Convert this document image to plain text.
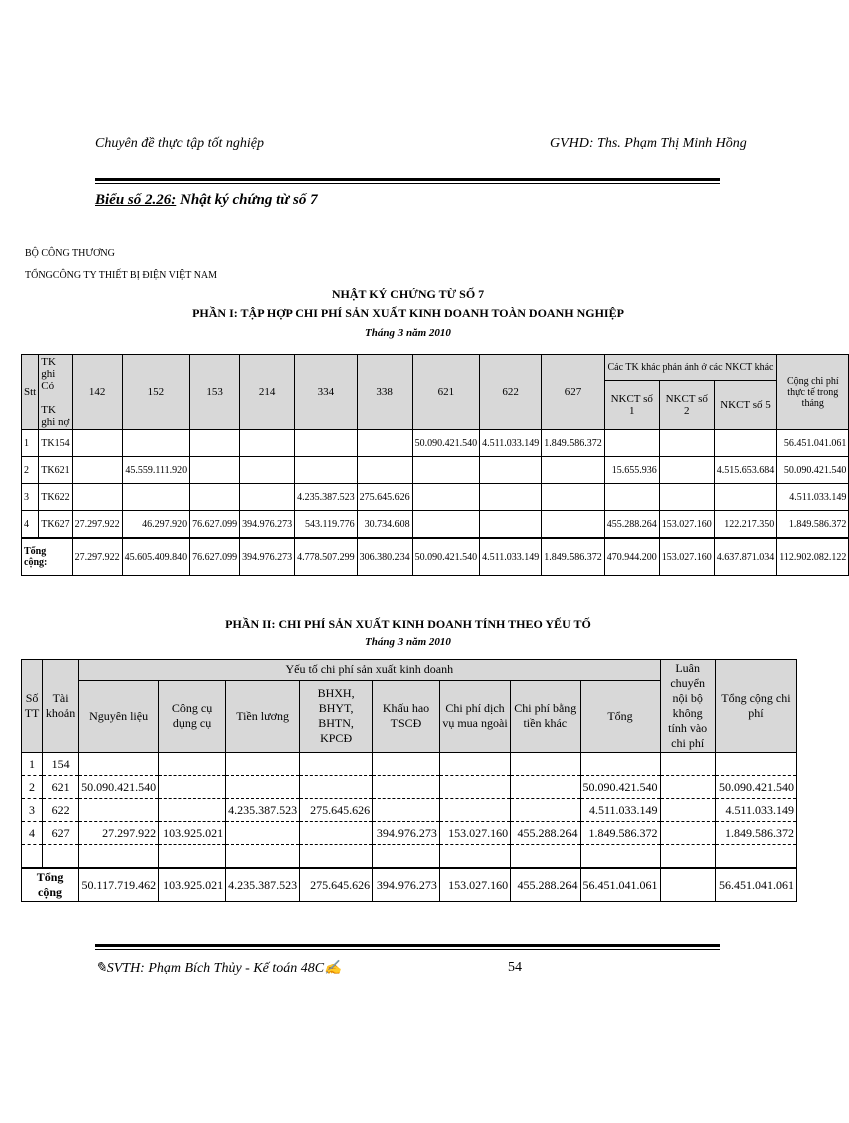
Chuyên đề thực tập tốt nghiệp	GVHD: Ths. Phạm Thị Minh Hồng
Biểu số 2.26: Nhật ký chứng từ số 7
BỘ CÔNG THƯƠNG
TỔNGCÔNG TY THIẾT BỊ ĐIỆN VIỆT NAM
NHẬT KÝ CHỨNG TỪ SỐ 7
PHẦN I: TẬP HỢP CHI PHÍ SẢN XUẤT KINH DOANH TOÀN DOANH NGHIỆP
Tháng 3 năm 2010
Stt	TK ghi Có
TK ghi nợ	142	152	153	214	334	338	621	622	627	Các TK khác phản ánh ở các NKCT khác			Cộng chi phí thực tế trong tháng
											NKCT số 1	NKCT số 2	NKCT số 5	
1	TK154							50.090.421.540	4.511.033.149	1.849.586.372				56.451.041.061
2	TK621		45.559.111.920								15.655.936		4.515.653.684	50.090.421.540
3	TK622					4.235.387.523	275.645.626							4.511.033.149
4	TK627	27.297.922	46.297.920	76.627.099	394.976.273	543.119.776	30.734.608				455.288.264	153.027.160	122.217.350	1.849.586.372
Tổng cộng:		27.297.922	45.605.409.840	76.627.099	394.976.273	4.778.507.299	306.380.234	50.090.421.540	4.511.033.149	1.849.586.372	470.944.200	153.027.160	4.637.871.034	112.902.082.122
PHẦN II: CHI PHÍ SẢN XUẤT KINH DOANH TÍNH THEO YẾU TỐ
Tháng 3 năm 2010
Số TT	Tài khoản	Yếu tố chi phí sản xuất kinh doanh								Luân chuyển nội bộ không tính vào chi phí	Tổng cộng chi phí
		Nguyên liệu	Công cụ dụng cụ	Tiền lương	BHXH, BHYT, BHTN, KPCĐ	Khấu hao TSCĐ	Chi phí dịch vụ mua ngoài	Chi phí bằng tiền khác	Tổng		
1	154										
2	621	50.090.421.540							50.090.421.540		50.090.421.540
3	622			4.235.387.523	275.645.626				4.511.033.149		4.511.033.149
4	627	27.297.922	103.925.021			394.976.273	153.027.160	455.288.264	1.849.586.372		1.849.586.372

Tổng cộng		50.117.719.462	103.925.021	4.235.387.523	275.645.626	394.976.273	153.027.160	455.288.264	56.451.041.061		56.451.041.061
✎SVTH: Phạm Bích Thủy - Kế toán 48C✍	54
